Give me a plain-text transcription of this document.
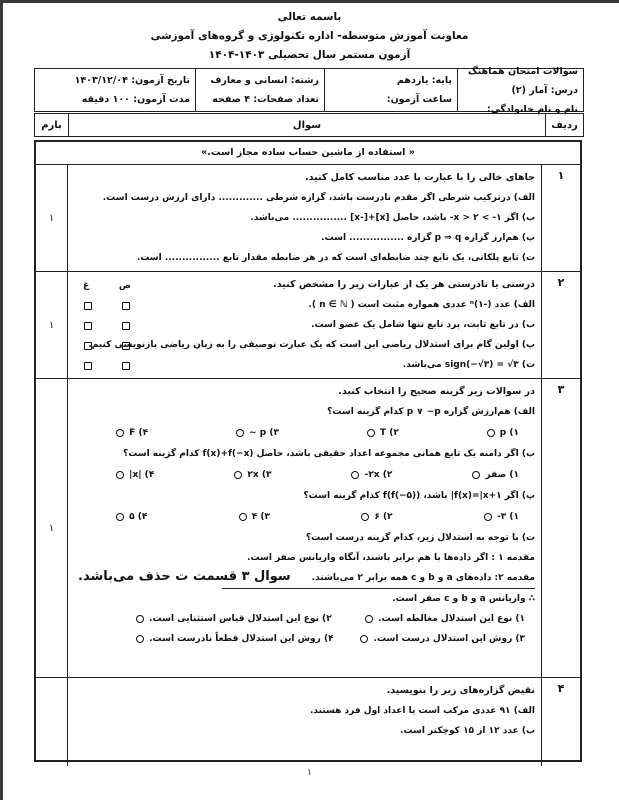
باسمه تعالی
معاونت آموزش متوسطه- اداره تکنولوژی و گروه‌های آموزشی
آزمون مستمر سال تحصیلی ۱۴۰۳-۱۴۰۴
سوالات امتحان هماهنگ درس: آمار (۲)
نام و نام خانوادگی:
پایه: یازدهم
ساعت آزمون:
رشته: انسانی و معارف
تعداد صفحات: ۴ صفحه
تاریخ آزمون: ۱۴۰۳/۱۲/۰۴
مدت آزمون: ۱۰۰ دقیقه
ردیف
سوال
بارم
« استفاده از ماشین حساب ساده مجاز است.»
۱
جاهای خالی را با عبارت یا عدد مناسب کامل کنید.
الف) درترکیب شرطی اگر مقدم نادرست باشد، گزاره شرطی ............. دارای ارزش درست است.
ب) اگر ۱- > x > ۲- باشد، حاصل [x]+[-x] ................ می‌باشد.
پ) هم‌ارز گزاره p ⇒ q گزاره ................ است.
ت) تابع پلکانی، یک تابع چند ضابطه‌ای است که در هر ضابطه مقدار تابع ................ است.
۱
۲
درستی یا نادرستی هر یک از عبارات زیر را مشخص کنید.
الف) عدد ⁿ(۱-) عددی همواره مثبت است ( n ∈ ℕ ).
ب) در تابع ثابت، برد تابع تنها شامل یک عضو است.
پ) اولین گام برای استدلال ریاضی این است که یک عبارت توصیفی را به زبان ریاضی بازنویسی کنیم.
ت) sign(−√۳) = √۳ می‌باشد.
ص
غ
۱
۳
در سوالات زیر گزینه صحیح را انتخاب کنید.
الف) هم‌ارزش گزاره p ∨ ~p کدام گزینه است؟
۱) p
۲) T
۳) p ~
۴) F
ب) اگر دامنه یک تابع همانی مجموعه اعداد حقیقی باشد، حاصل f(x)+f(−x) کدام گزینه است؟
۱) صفر
۲) ۲x-
۳) ۲x
۴) |x|
پ) اگر f(x)=|x+۱| باشد، f(f(−۵)) کدام گزینه است؟
۱) ۳-
۲) ۶
۳) ۴
۴) ۵
ت) با توجه به استدلال زیر، کدام گزینه درست است؟
مقدمه ۱ : اگر داده‌ها با هم برابر باشند، آنگاه واریانس صفر است.
مقدمه ۲: داده‌های a و b و c همه برابر ۲ می‌باشند.
∴ واریانس a و b و c صفر است.
۱) نوع این استدلال مغالطه است.
۲) نوع این استدلال قیاس استثنایی است.
۳) روش این استدلال درست است.
۴) روش این استدلال قطعاً نادرست است.
سوال ۳ قسمت ت حذف می‌باشد.
۱
۴
نقیض گزاره‌های زیر را بنویسید.
الف) ۹۱ عددی مرکب است یا اعداد اول فرد هستند.
ب) عدد ۱۲ از ۱۵ کوچکتر است.
۱
